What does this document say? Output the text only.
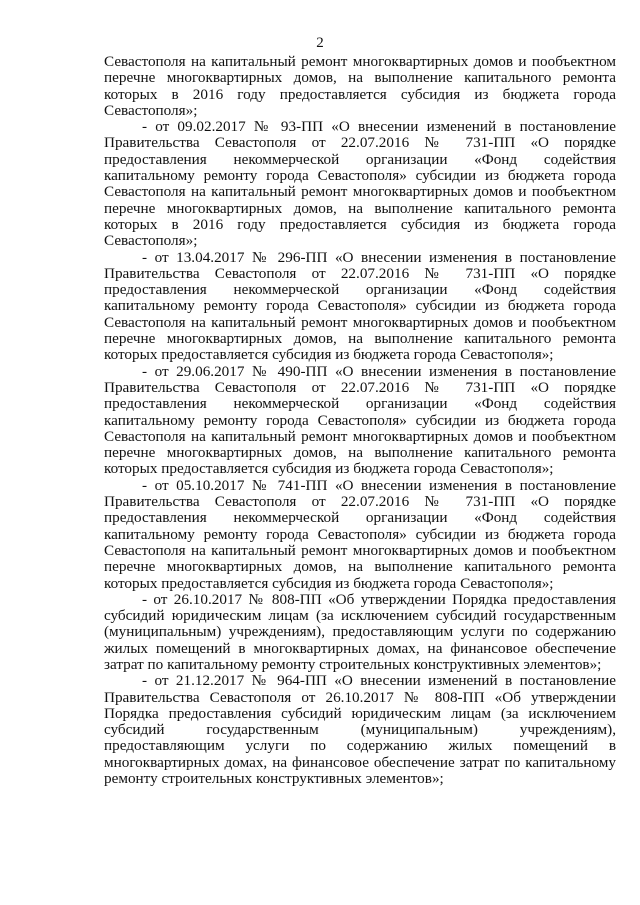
2

Севастополя на капитальный ремонт многоквартирных домов и пообъектном перечне многоквартирных домов, на выполнение капитального ремонта которых в 2016 году предоставляется субсидия из бюджета города Севастополя»;

- от 09.02.2017 № 93-ПП «О внесении изменений в постановление Правительства Севастополя от 22.07.2016 № 731-ПП «О порядке предоставления некоммерческой организации «Фонд содействия капитальному ремонту города Севастополя» субсидии из бюджета города Севастополя на капитальный ремонт многоквартирных домов и пообъектном перечне многоквартирных домов, на выполнение капитального ремонта которых в 2016 году предоставляется субсидия из бюджета города Севастополя»;

- от 13.04.2017 № 296-ПП «О внесении изменения в постановление Правительства Севастополя от 22.07.2016 № 731-ПП «О порядке предоставления некоммерческой организации «Фонд содействия капитальному ремонту города Севастополя» субсидии из бюджета города Севастополя на капитальный ремонт многоквартирных домов и пообъектном перечне многоквартирных домов, на выполнение капитального ремонта которых предоставляется субсидия из бюджета города Севастополя»;

- от 29.06.2017 № 490-ПП «О внесении изменения в постановление Правительства Севастополя от 22.07.2016 № 731-ПП «О порядке предоставления некоммерческой организации «Фонд содействия капитальному ремонту города Севастополя» субсидии из бюджета города Севастополя на капитальный ремонт многоквартирных домов и пообъектном перечне многоквартирных домов, на выполнение капитального ремонта которых предоставляется субсидия из бюджета города Севастополя»;

- от 05.10.2017 № 741-ПП «О внесении изменения в постановление Правительства Севастополя от 22.07.2016 № 731-ПП «О порядке предоставления некоммерческой организации «Фонд содействия капитальному ремонту города Севастополя» субсидии из бюджета города Севастополя на капитальный ремонт многоквартирных домов и пообъектном перечне многоквартирных домов, на выполнение капитального ремонта которых предоставляется субсидия из бюджета города Севастополя»;

- от 26.10.2017 № 808-ПП «Об утверждении Порядка предоставления субсидий юридическим лицам (за исключением субсидий государственным (муниципальным) учреждениям), предоставляющим услуги по содержанию жилых помещений в многоквартирных домах, на финансовое обеспечение затрат по капитальному ремонту строительных конструктивных элементов»;

- от 21.12.2017 № 964-ПП «О внесении изменений в постановление Правительства Севастополя от 26.10.2017 № 808-ПП «Об утверждении Порядка предоставления субсидий юридическим лицам (за исключением субсидий государственным (муниципальным) учреждениям), предоставляющим услуги по содержанию жилых помещений в многоквартирных домах, на финансовое обеспечение затрат по капитальному ремонту строительных конструктивных элементов»;
